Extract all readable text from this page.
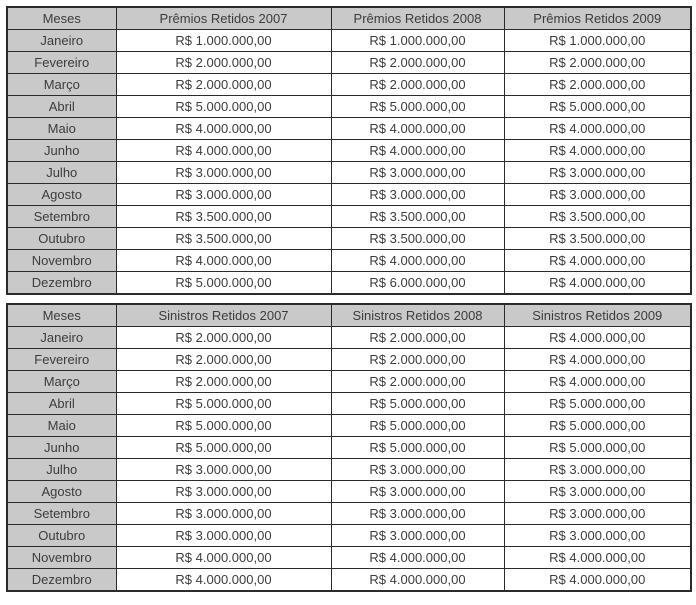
Meses	Prêmios Retidos 2007	Prêmios Retidos 2008	Prêmios Retidos 2009
Janeiro	R$ 1.000.000,00	R$ 1.000.000,00	R$ 1.000.000,00
Fevereiro	R$ 2.000.000,00	R$ 2.000.000,00	R$ 2.000.000,00
Março	R$ 2.000.000,00	R$ 2.000.000,00	R$ 2.000.000,00
Abril	R$ 5.000.000,00	R$ 5.000.000,00	R$ 5.000.000,00
Maio	R$ 4.000.000,00	R$ 4.000.000,00	R$ 4.000.000,00
Junho	R$ 4.000.000,00	R$ 4.000.000,00	R$ 4.000.000,00
Julho	R$ 3.000.000,00	R$ 3.000.000,00	R$ 3.000.000,00
Agosto	R$ 3.000.000,00	R$ 3.000.000,00	R$ 3.000.000,00
Setembro	R$ 3.500.000,00	R$ 3.500.000,00	R$ 3.500.000,00
Outubro	R$ 3.500.000,00	R$ 3.500.000,00	R$ 3.500.000,00
Novembro	R$ 4.000.000,00	R$ 4.000.000,00	R$ 4.000.000,00
Dezembro	R$ 5.000.000,00	R$ 6.000.000,00	R$ 4.000.000,00
Meses	Sinistros Retidos 2007	Sinistros Retidos 2008	Sinistros Retidos 2009
Janeiro	R$ 2.000.000,00	R$ 2.000.000,00	R$ 4.000.000,00
Fevereiro	R$ 2.000.000,00	R$ 2.000.000,00	R$ 4.000.000,00
Março	R$ 2.000.000,00	R$ 2.000.000,00	R$ 4.000.000,00
Abril	R$ 5.000.000,00	R$ 5.000.000,00	R$ 5.000.000,00
Maio	R$ 5.000.000,00	R$ 5.000.000,00	R$ 5.000.000,00
Junho	R$ 5.000.000,00	R$ 5.000.000,00	R$ 5.000.000,00
Julho	R$ 3.000.000,00	R$ 3.000.000,00	R$ 3.000.000,00
Agosto	R$ 3.000.000,00	R$ 3.000.000,00	R$ 3.000.000,00
Setembro	R$ 3.000.000,00	R$ 3.000.000,00	R$ 3.000.000,00
Outubro	R$ 3.000.000,00	R$ 3.000.000,00	R$ 3.000.000,00
Novembro	R$ 4.000.000,00	R$ 4.000.000,00	R$ 4.000.000,00
Dezembro	R$ 4.000.000,00	R$ 4.000.000,00	R$ 4.000.000,00
